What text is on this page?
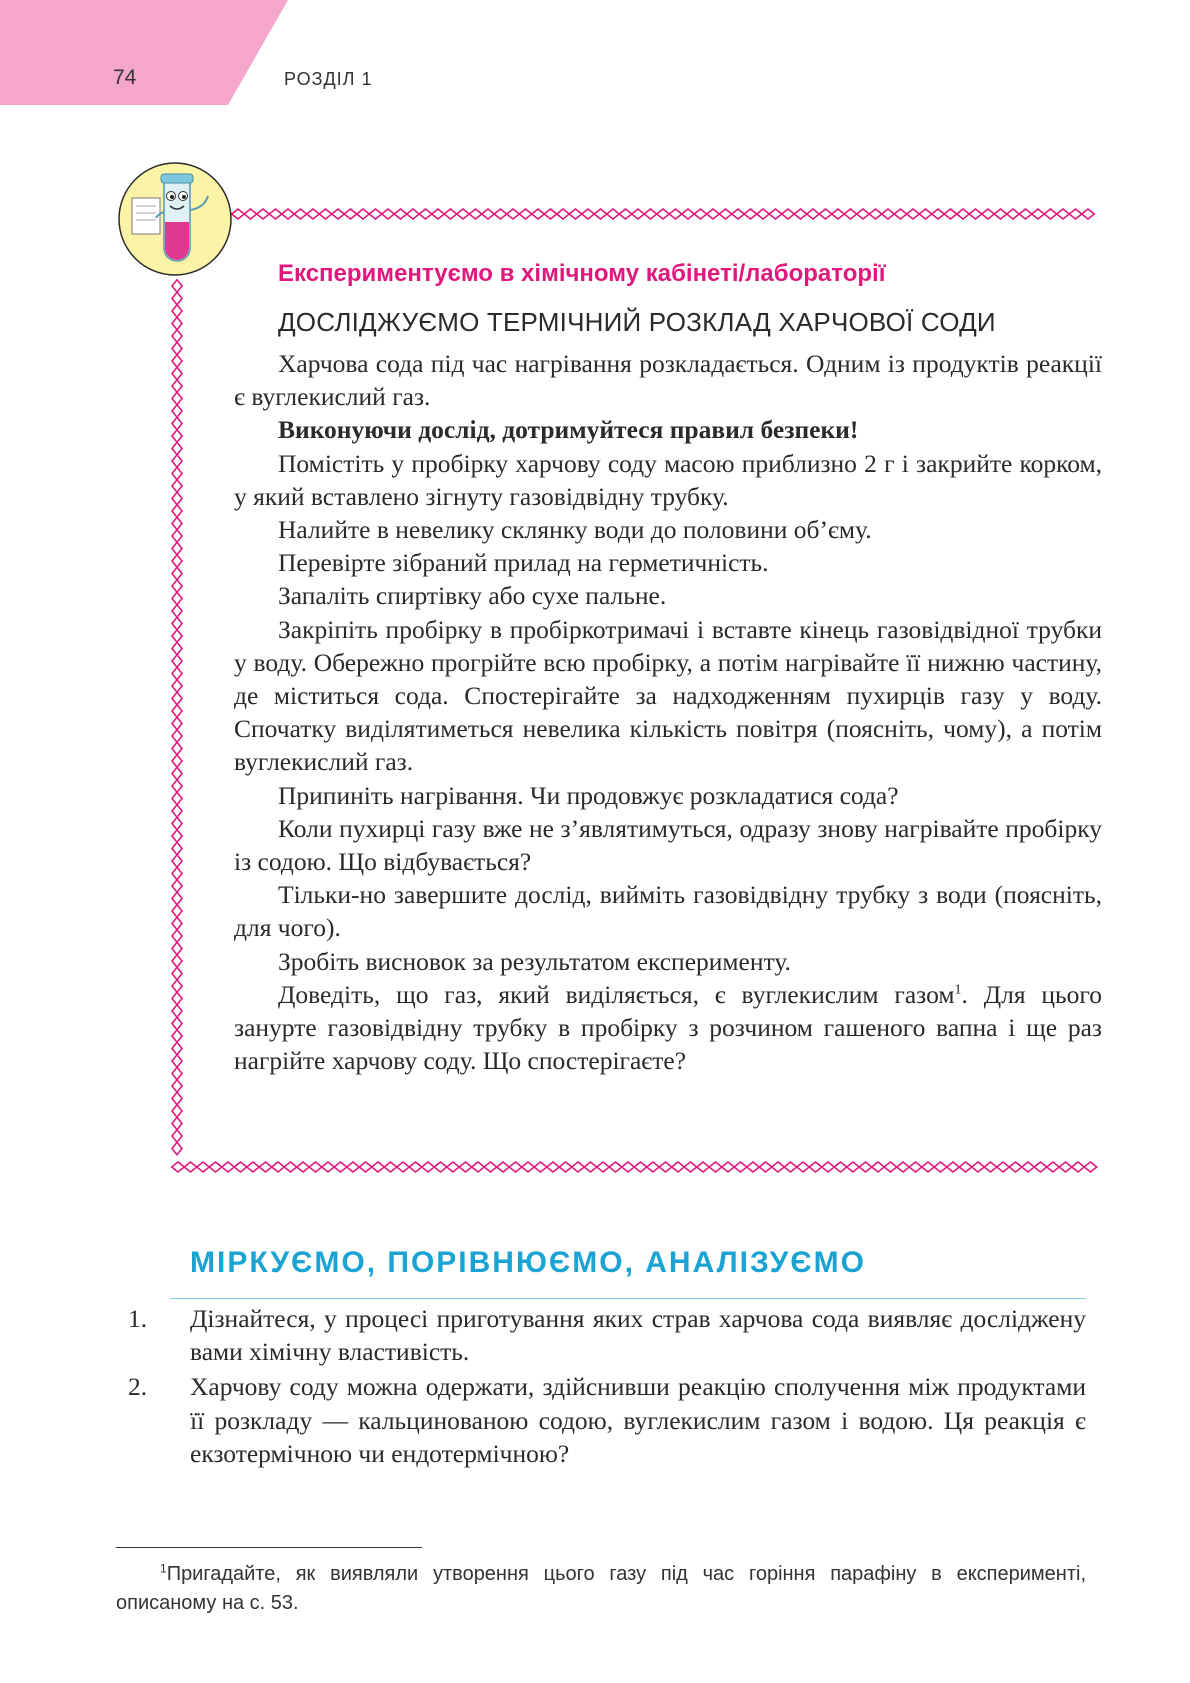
74	РОЗДІЛ 1
Експериментуємо в хімічному кабінеті/лабораторії
ДОСЛІДЖУЄМО ТЕРМІЧНИЙ РОЗКЛАД ХАРЧОВОЇ СОДИ

Харчова сода під час нагрівання розкладається. Одним із продуктів реакції є вуглекислий газ.

Виконуючи дослід, дотримуйтеся правил безпеки!

Помістіть у пробірку харчову соду масою приблизно 2 г і закрийте корком, у який вставлено зігнуту газовідвідну трубку.

Налийте в невелику склянку води до половини об’єму.

Перевірте зібраний прилад на герметичність.

Запаліть спиртівку або сухе пальне.

Закріпіть пробірку в пробіркотримачі і вставте кінець газовідвідної трубки у воду. Обережно прогрійте всю пробірку, а потім нагрівайте її нижню частину, де міститься сода. Спостерігайте за надходженням пухирців газу у воду. Спочатку виділятиметься невелика кількість повітря (поясніть, чому), а потім вуглекислий газ.

Припиніть нагрівання. Чи продовжує розкладатися сода?

Коли пухирці газу вже не з’являтимуться, одразу знову нагрівайте пробірку із содою. Що відбувається?

Тільки-но завершите дослід, вийміть газовідвідну трубку з води (поясніть, для чого).

Зробіть висновок за результатом експерименту.

Доведіть, що газ, який виділяється, є вуглекислим газом$^1$. Для цього занурте газовідвідну трубку в пробірку з розчином гашеного вапна і ще раз нагрійте харчову соду. Що спостерігаєте?

МІРКУЄМО, ПОРІВНЮЄМО, АНАЛІЗУЄМО
1.	Дізнайтеся, у процесі приготування яких страв харчова сода виявляє досліджену вами хімічну властивість.
2.	Харчову соду можна одержати, здійснивши реакцію сполучення між продуктами її розкладу — кальцинованою содою, вуглекислим газом і водою. Ця реакція є екзотермічною чи ендотермічною?

$^1$Пригадайте, як виявляли утворення цього газу під час горіння парафіну в експерименті, описаному на с. 53.
